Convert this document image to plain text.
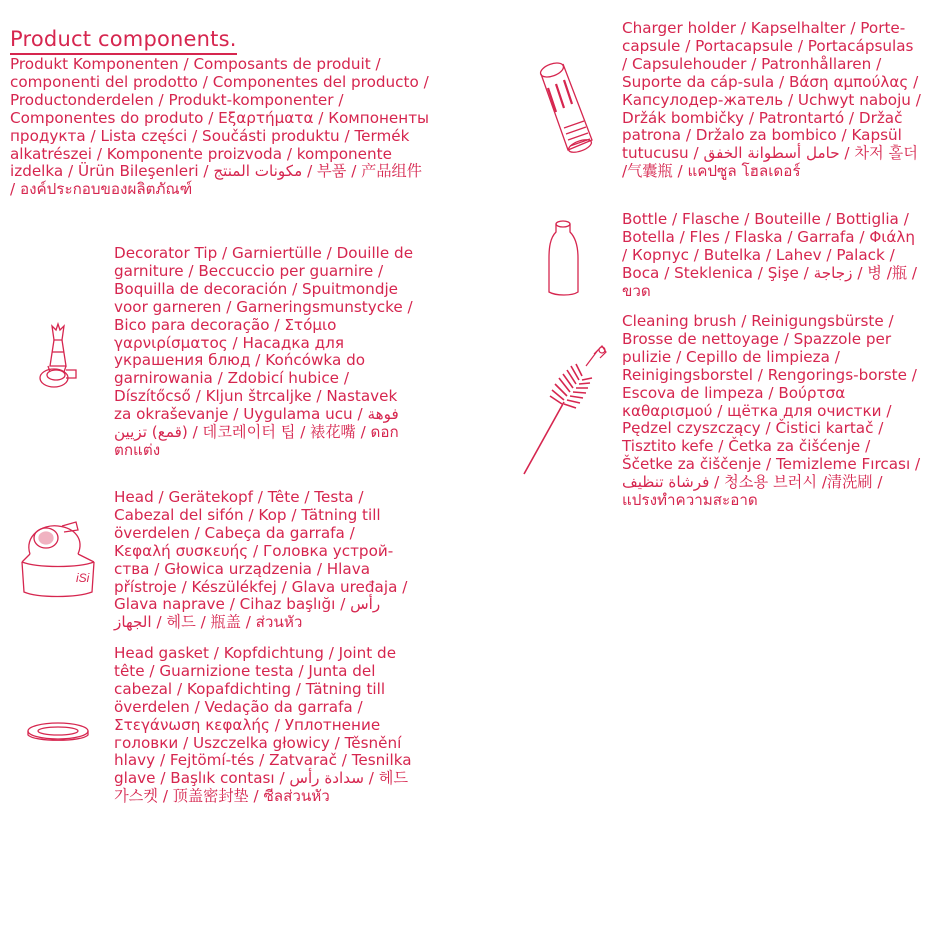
Product components.
Produkt Komponenten / Composants de produit / componenti del prodotto / Componentes del producto / Productonderdelen / Produkt-komponenter / Componentes do produto / Εξαρτήματα / Компоненты продукта / Lista części / Součásti produktu / Termék alkatrészei / Komponente proizvoda / komponente izdelka / Ürün Bileşenleri / مكونات المنتج / 부품 / 产品组件 / องค์ประกอบของผลิตภัณฑ์
Decorator Tip / Garniertülle / Douille de garniture / Beccuccio per guarnire / Boquilla de decoración / Spuitmondje voor garneren / Garneringsmunstycke / Bico para decoração / Στόμιο γαρνιρίσματος / Насадка для украшения блюд / Końcówka do garnirowania / Zdobicí hubice / Díszítőcső / Kljun štrcaljke / Nastavek za okraševanje / Uygulama ucu / فوهة (قمع) تزيين / 데코레이터 팁 / 裱花嘴 / ดอกตกแต่ง
iSi
Head / Gerätekopf / Tête / Testa / Cabezal del sifón / Kop / Tätning till överdelen / Cabeça da garrafa / Κεφαλή συσκευής / Головка устрой-ства / Głowica urządzenia / Hlava přístroje / Készülékfej / Glava uređaja / Glava naprave / Cihaz başlığı / رأس الجهاز / 헤드 / 瓶盖 / ส่วนหัว
Head gasket / Kopfdichtung / Joint de tête / Guarnizione testa / Junta del cabezal / Kopafdichting / Tätning till överdelen / Vedação da garrafa / Στεγάνωση κεφαλής / Уплотнение головки / Uszczelka głowicy / Těsnění hlavy / Fejtömí-tés / Zatvarač / Tesnilka glave / Başlık contası / سدادة رأس / 헤드 가스켓 / 顶盖密封垫 / ซีลส่วนหัว
Charger holder / Kapselhalter / Porte-capsule / Portacapsule / Portacápsulas / Capsulehouder / Patronhållaren / Suporte da cáp-sula / Βάση αμπούλας / Капсулодер-жатель / Uchwyt naboju / Držák bombičky / Patrontartó / Držač patrona / Držalo za bombico / Kapsül tutucusu / حامل أسطوانة الخفق / 차저 홀더 /气囊瓶 / แคปซูล โฮลเดอร์
Bottle / Flasche / Bouteille / Bottiglia / Botella / Fles / Flaska / Garrafa / Φιάλη / Корпус / Butelka / Lahev / Palack / Boca / Steklenica / Şişe / زجاجة / 병 /瓶 / ขวด
Cleaning brush / Reinigungsbürste / Brosse de nettoyage / Spazzole per pulizie / Cepillo de limpieza / Reinigingsborstel / Rengorings-borste / Escova de limpeza / Βούρτσα καθαρισμού / щётка для очистки / Pędzel czyszczący / Čistici kartač / Tisztito kefe / Četka za čišćenje / Ščetke za čiščenje / Temizleme Fırcası / فرشاة تنظيف / 청소용 브러시 /清洗刷 / แปรงทำความสะอาด
